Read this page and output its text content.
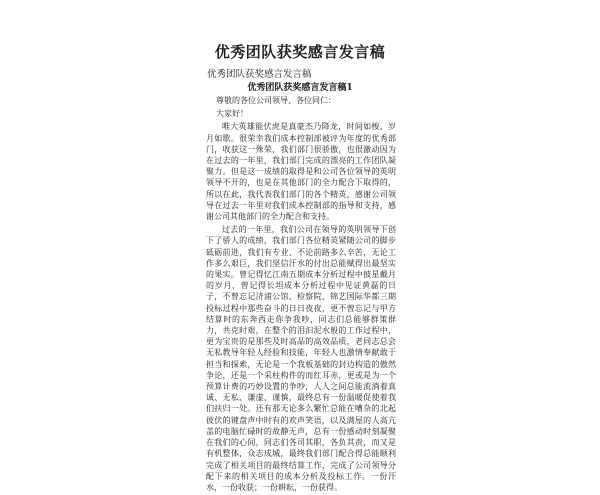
优秀团队获奖感言发言稿
优秀团队获奖感言发言稿
优秀团队获奖感言发言稿1

尊敬的各位公司领导、各位同仁：

大家好！

唯大英雄能伏虎是真豪杰乃降龙，时间如梭，岁月如歌。很荣幸我们成本控制部被评为年度的优秀部门，收获这一殊荣，我们部门很骄傲，也很激动因为在过去的一年里，我们部门完成的漂亮的工作团队凝聚力。但是这一成绩的取得是和公司各位领导的英明领导不开的，也是在其他部门的全力配合下取得的，所以在此，我代表我们部门的各个精英，感谢公司领导在过去一年里对我们成本控制部的指导和支持，感谢公司其他部门的全力配合和支持。

过去的一年里，我们公司在领导的英明领导下创下了骄人的成绩，我们部门各位精英紧随公司的脚步砥砺前进，我们有专业、不论前路多么辛苦，无论工作多么艰巨，我们坚信汗水的付出总能赋得出最坚实的果实。曾记得忆江南五期成本分析过程中披星戴月的岁月，曾记得长坦成本分析过程中见证黄磊的日子，不曾忘记济浦公馆、检察院、锦艺国际华都三期投标过程中那些奋斗的日日夜夜，更不曾忘记与甲方结算时的东奔西走你争我吵，同志们总能够群策群力，共克时艰，在整个的泪汩泥水般的工作过程中，更为宝贵的是那些及时高品的高效品质，老同志总会无私教导年轻人经验和技能，年轻人也激情奉献敢于担当和探索，无论是一个我板基础的封边构造的傲然争论，还是一个采柱构件的而红耳赤，更或是为一个预算计费的巧妙设置的争吵，人人之间总能流淌着真诚、无私、谦虚、谨慎，最终总有一份温暖促使着我们扶归一处。还有那无论多么繁忙总能在嘈杂的北起彼伏的键盘声中时有的欢声笑语，以及满屋的人高亢盖的电脑忙碌时的故静无声，总有一份感动时刻凝聚在我们的心间，同志们各司其职，各负其责，而又是有机整体，众志成城，最终我们部门配合得总能顺利完成了相关项目的最终结算工作，完成了公司领导分配下来的相关项目的成本分析及投标工作。一份汗水，一份收获；一份耕耘，一份获得。
